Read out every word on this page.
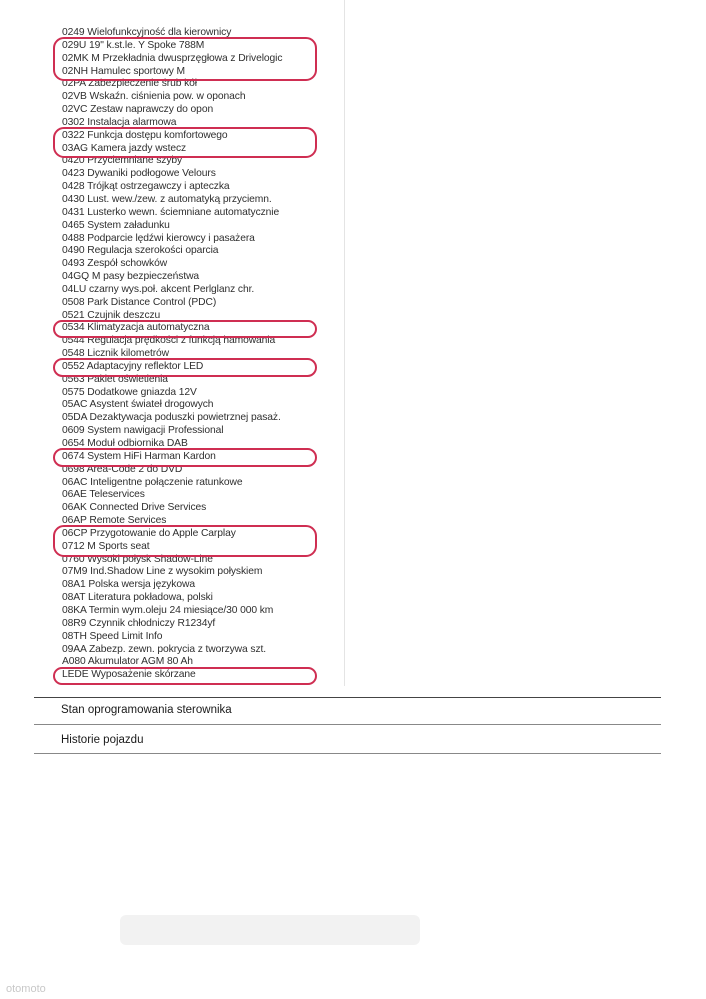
0249 Wielofunkcyjność dla kierownicy
029U 19" k.st.le. Y Spoke 788M
02MK M Przekładnia dwusprzęgłowa z Drivelogic
02NH Hamulec sportowy M
02PA Zabezpieczenie śrub kół
02VB Wskaźn. ciśnienia pow. w oponach
02VC Zestaw naprawczy do opon
0302 Instalacja alarmowa
0322 Funkcja dostępu komfortowego
03AG Kamera jazdy wstecz
0420 Przyciemniane szyby
0423 Dywaniki podłogowe Velours
0428 Trójkąt ostrzegawczy i apteczka
0430 Lust. wew./zew. z automatyką przyciemn.
0431 Lusterko wewn. ściemniane automatycznie
0465 System załadunku
0488 Podparcie lędźwi kierowcy i pasażera
0490 Regulacja szerokości oparcia
0493 Zespół schowków
04GQ M pasy bezpieczeństwa
04LU czarny wys.poł. akcent Perlglanz chr.
0508 Park Distance Control (PDC)
0521 Czujnik deszczu
0534 Klimatyzacja automatyczna
0544 Regulacja prędkości z funkcją hamowania
0548 Licznik kilometrów
0552 Adaptacyjny reflektor LED
0563 Pakiet oświetlenia
0575 Dodatkowe gniazda 12V
05AC Asystent świateł drogowych
05DA Dezaktywacja poduszki powietrznej pasaż.
0609 System nawigacji Professional
0654 Moduł odbiornika DAB
0674 System HiFi Harman Kardon
0698 Area-Code 2 do DVD
06AC Inteligentne połączenie ratunkowe
06AE Teleservices
06AK Connected Drive Services
06AP Remote Services
06CP Przygotowanie do Apple Carplay
0712 M Sports seat
0760 Wysoki połysk Shadow-Line
07M9 Ind.Shadow Line z wysokim połyskiem
08A1 Polska wersja językowa
08AT Literatura pokładowa, polski
08KA Termin wym.oleju 24 miesiące/30 000 km
08R9 Czynnik chłodniczy R1234yf
08TH Speed Limit Info
09AA Zabezp. zewn. pokrycia z tworzywa szt.
A080 Akumulator AGM 80 Ah
LEDE Wyposażenie skórzane
Stan oprogramowania sterownika
Historie pojazdu
otomoto
